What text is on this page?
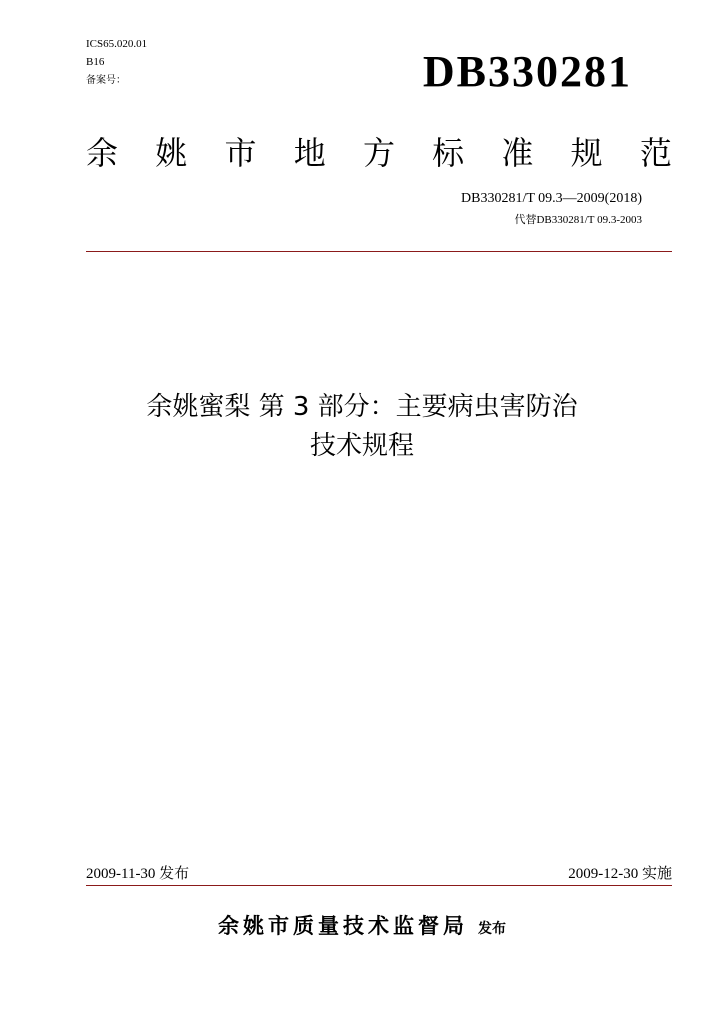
ICS65.020.01
B16
备案号：	DB330281
余 姚 市 地 方 标 准 规 范
DB330281/T 09.3—2009(2018)
代替DB330281/T 09.3-2003
余姚蜜梨 第 3 部分：主要病虫害防治
技术规程
2009-11-30 发布	2009-12-30 实施
余姚市质量技术监督局 发布
